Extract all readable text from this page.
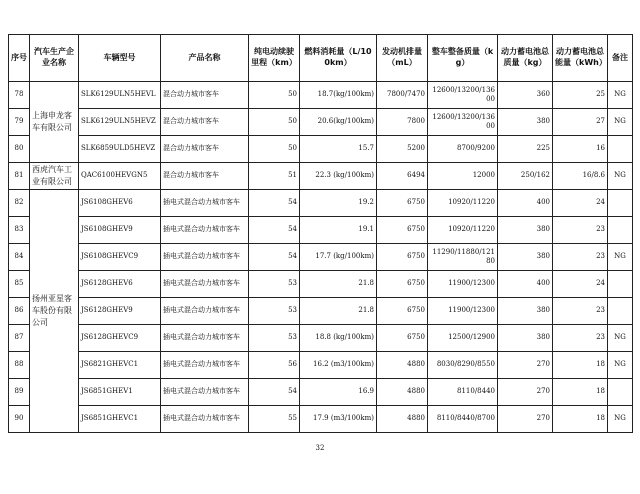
序号	汽车生产企业名称	车辆型号	产品名称	纯电动续驶里程（km）	燃料消耗量（L/100km）	发动机排量（mL）	整车整备质量（kg）	动力蓄电池总质量（kg）	动力蓄电池总能量（kWh）	备注
78	上海申龙客车有限公司	SLK6129ULN5HEVL	混合动力城市客车	50	18.7(kg/100km)	7800/7470	12600/13200/13600	360	25	NG
79		SLK6129ULN5HEVZ	混合动力城市客车	50	20.6(kg/100km)	7800	12600/13200/13600	380	27	NG
80		SLK6859ULD5HEVZ	混合动力城市客车	50	15.7	5200	8700/9200	225	16	
81	西虎汽车工业有限公司	QAC6100HEVGN5	混合动力城市客车	51	22.3 (kg/100km)	6494	12000	250/162	16/8.6	NG
82	扬州亚星客车股份有限公司	JS6108GHEV6	插电式混合动力城市客车	54	19.2	6750	10920/11220	400	24	
83		JS6108GHEV9	插电式混合动力城市客车	54	19.1	6750	10920/11220	380	23	
84		JS6108GHEVC9	插电式混合动力城市客车	54	17.7 (kg/100km)	6750	11290/11880/12180	380	23	NG
85		JS6128GHEV6	插电式混合动力城市客车	53	21.8	6750	11900/12300	400	24	
86		JS6128GHEV9	插电式混合动力城市客车	53	21.8	6750	11900/12300	380	23	
87		JS6128GHEVC9	插电式混合动力城市客车	53	18.8 (kg/100km)	6750	12500/12900	380	23	NG
88		JS6821GHEVC1	插电式混合动力城市客车	56	16.2 (m3/100km)	4880	8030/8290/8550	270	18	NG
89		JS6851GHEV1	插电式混合动力城市客车	54	16.9	4880	8110/8440	270	18	
90		JS6851GHEVC1	插电式混合动力城市客车	55	17.9 (m3/100km)	4880	8110/8440/8700	270	18	NG
32
